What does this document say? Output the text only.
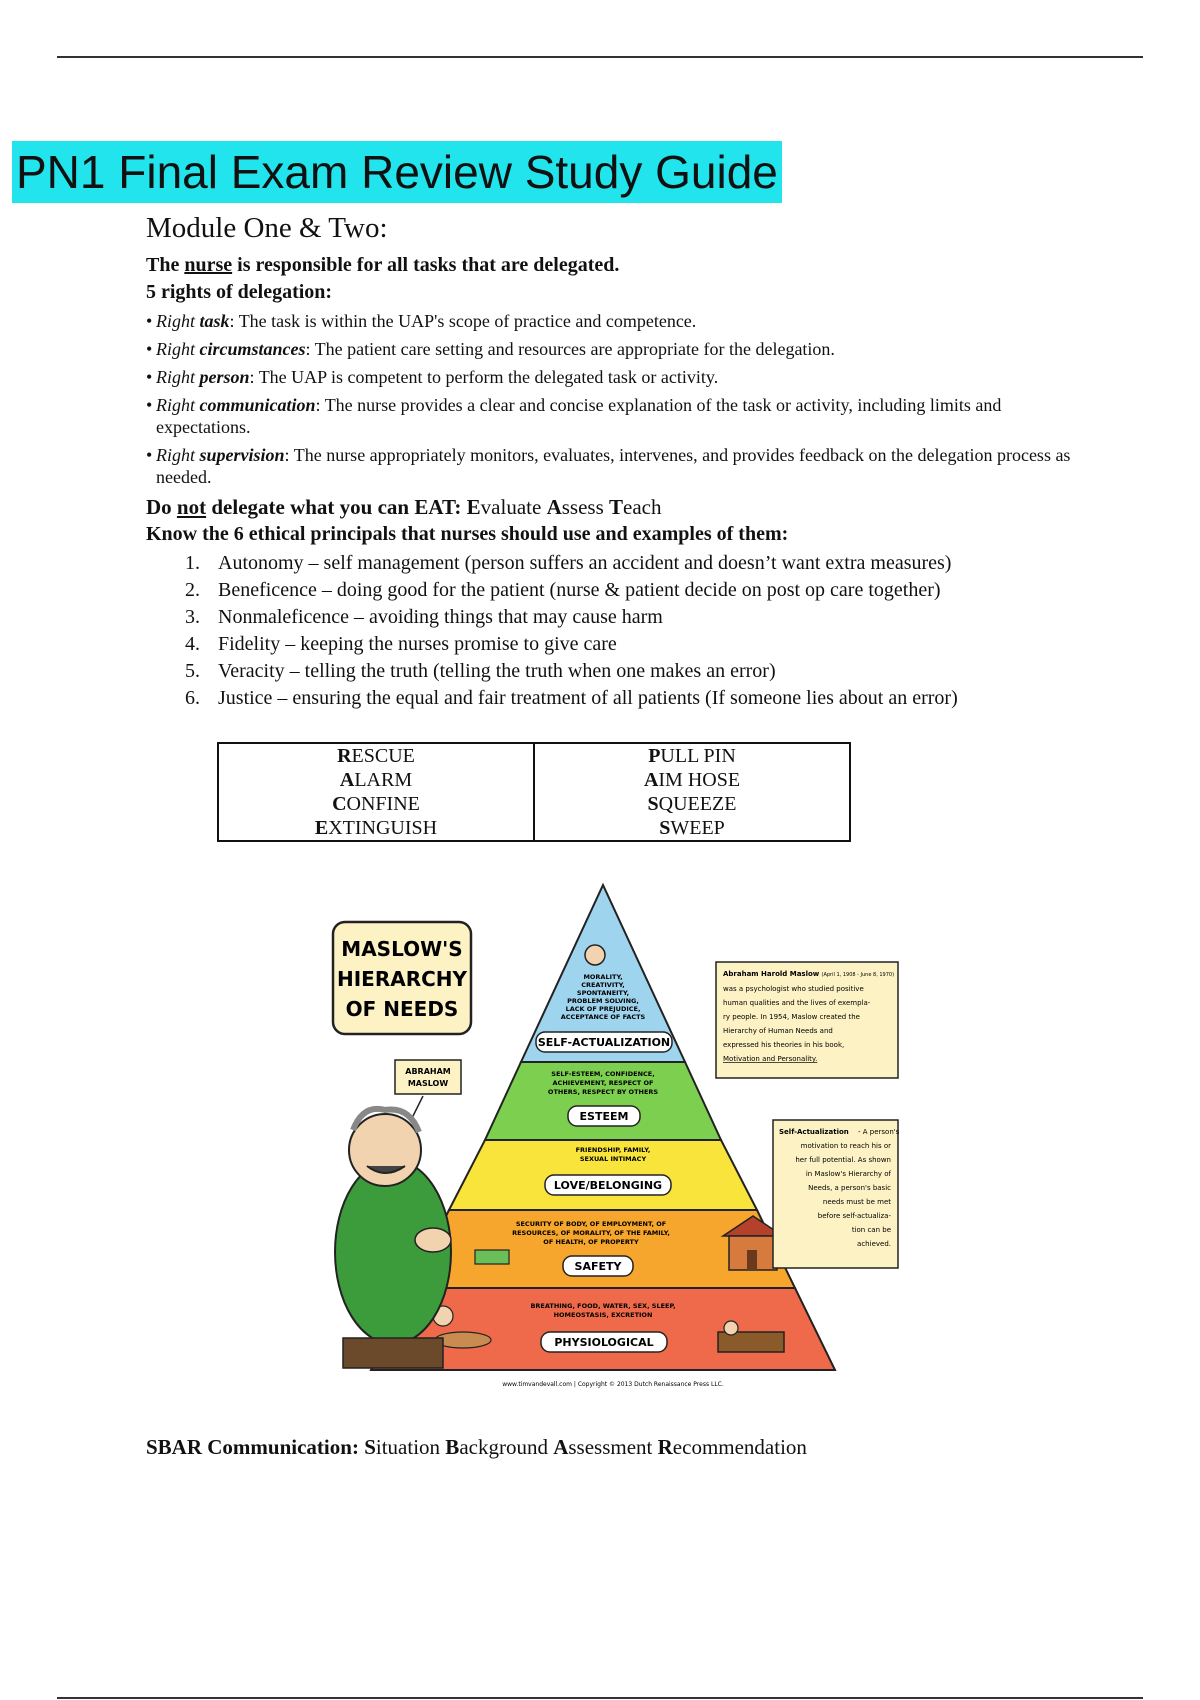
PN1 Final Exam Review Study Guide
Module One & Two:

The nurse is responsible for all tasks that are delegated.

5 rights of delegation:

• Right task: The task is within the UAP's scope of practice and competence.
• Right circumstances: The patient care setting and resources are appropriate for the delegation.
• Right person: The UAP is competent to perform the delegated task or activity.
• Right communication: The nurse provides a clear and concise explanation of the task or activity, including limits and expectations.
• Right supervision: The nurse appropriately monitors, evaluates, intervenes, and provides feedback on the delegation process as needed.

Do not delegate what you can EAT: Evaluate Assess Teach

Know the 6 ethical principals that nurses should use and examples of them:

1. Autonomy – self management (person suffers an accident and doesn’t want extra measures)
2. Beneficence – doing good for the patient (nurse & patient decide on post op care together)
3. Nonmaleficence – avoiding things that may cause harm
4. Fidelity – keeping the nurses promise to give care
5. Veracity – telling the truth (telling the truth when one makes an error)
6. Justice – ensuring the equal and fair treatment of all patients (If someone lies about an error)
RESCUE
ALARM
CONFINE
EXTINGUISH
PULL PIN
AIM HOSE
SQUEEZE
SWEEP
MORALITY,
CREATIVITY,
SPONTANEITY,
PROBLEM SOLVING,
LACK OF PREJUDICE,
ACCEPTANCE OF FACTS
SELF-ACTUALIZATION
SELF-ESTEEM, CONFIDENCE,
ACHIEVEMENT, RESPECT OF
OTHERS, RESPECT BY OTHERS
ESTEEM
FRIENDSHIP, FAMILY,
SEXUAL INTIMACY
LOVE/BELONGING
SECURITY OF BODY, OF EMPLOYMENT, OF
RESOURCES, OF MORALITY, OF THE FAMILY,
OF HEALTH, OF PROPERTY
SAFETY
BREATHING, FOOD, WATER, SEX, SLEEP,
HOMEOSTASIS, EXCRETION
PHYSIOLOGICAL
MASLOW'S
HIERARCHY
OF NEEDS
ABRAHAM
MASLOW
Abraham Harold Maslow (April 1, 1908 - June 8, 1970)
was a psychologist who studied positive
human qualities and the lives of exempla-
ry people. In 1954, Maslow created the
Hierarchy of Human Needs and
expressed his theories in his book,
Motivation and Personality.
Self-Actualization - A person's
motivation to reach his or
her full potential. As shown
in Maslow's Hierarchy of
Needs, a person's basic
needs must be met
before self-actualiza-
tion can be
achieved.
www.timvandevall.com | Copyright © 2013 Dutch Renaissance Press LLC.
SBAR Communication: Situation Background Assessment Recommendation
